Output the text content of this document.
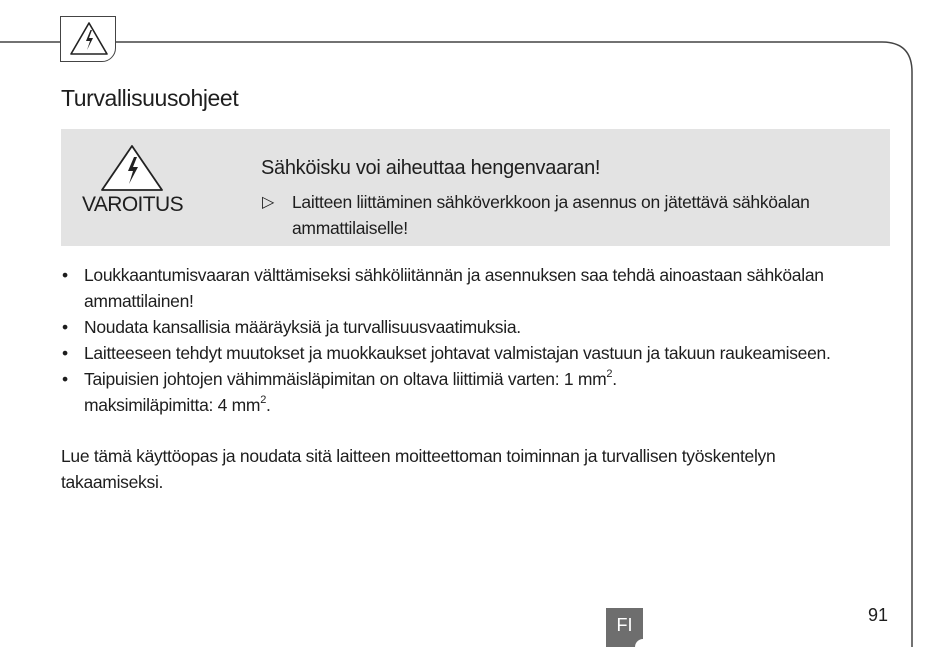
Turvallisuusohjeet
VAROITUS
Sähköisku voi aiheuttaa hengenvaaran!
▷ Laitteen liittäminen sähköverkkoon ja asennus on jätettävä sähköalan ammattilaiselle!
• Loukkaantumisvaaran välttämiseksi sähköliitännän ja asennuksen saa tehdä ainoastaan sähköalan ammattilainen!
• Noudata kansallisia määräyksiä ja turvallisuusvaatimuksia.
• Laitteeseen tehdyt muutokset ja muokkaukset johtavat valmistajan vastuun ja takuun raukeamiseen.
• Taipuisien johtojen vähimmäisläpimitan on oltava liittimiä varten: 1 $mm^2$.
maksimiläpimitta: 4 $mm^2$.
Lue tämä käyttöopas ja noudata sitä laitteen moitteettoman toiminnan ja turvallisen työskentelyn takaamiseksi.
FI	91
